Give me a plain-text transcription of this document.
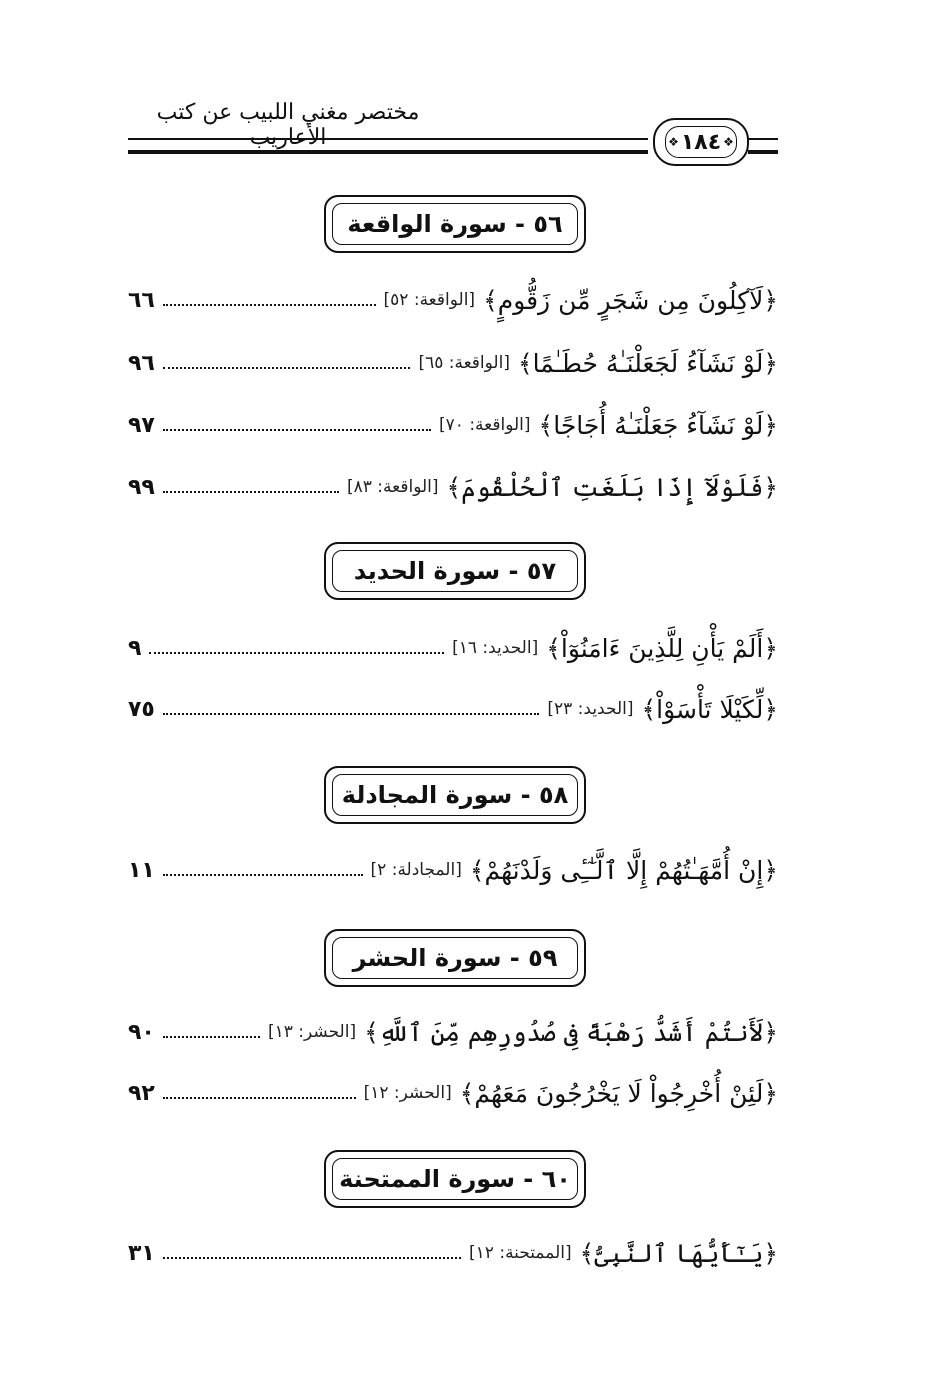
مختصر مغني اللبيب عن كتب الأعاريب	❖ ١٨٤ ❖
٥٦ - سورة الواقعة
﴿لَآكِلُونَ مِن شَجَرٍ مِّن زَقُّومٍ﴾
[الواقعة: ٥٢]
٦٦
﴿لَوْ نَشَآءُ لَجَعَلْنَـٰهُ حُطَـٰمًا﴾
[الواقعة: ٦٥]
٩٦
﴿لَوْ نَشَآءُ جَعَلْنَـٰهُ أُجَاجًا﴾
[الواقعة: ٧٠]
٩٧
﴿فَلَوْلَآ إِذَا بَلَغَتِ ٱلْحُلْقُومَ﴾
[الواقعة: ٨٣]
٩٩
٥٧ - سورة الحديد
﴿أَلَمْ يَأْنِ لِلَّذِينَ ءَامَنُوٓاْ﴾
[الحديد: ١٦]
٩
﴿لِّكَيْلَا تَأْسَوْاْ﴾
[الحديد: ٢٣]
٧٥
٥٨ - سورة المجادلة
﴿إِنْ أُمَّهَـٰتُهُمْ إِلَّا ٱلَّـٰٓـِٔى وَلَدْنَهُمْ﴾
[المجادلة: ٢]
١١
٥٩ - سورة الحشر
﴿لَأَنتُمْ أَشَدُّ رَهْبَةً فِى صُدُورِهِم مِّنَ ٱللَّهِ﴾
[الحشر: ١٣]
٩٠
﴿لَئِنْ أُخْرِجُواْ لَا يَخْرُجُونَ مَعَهُمْ﴾
[الحشر: ١٢]
٩٢
٦٠ - سورة الممتحنة
﴿يَـٰٓأَيُّهَا ٱلنَّبِىُّ﴾
[الممتحنة: ١٢]
٣١
